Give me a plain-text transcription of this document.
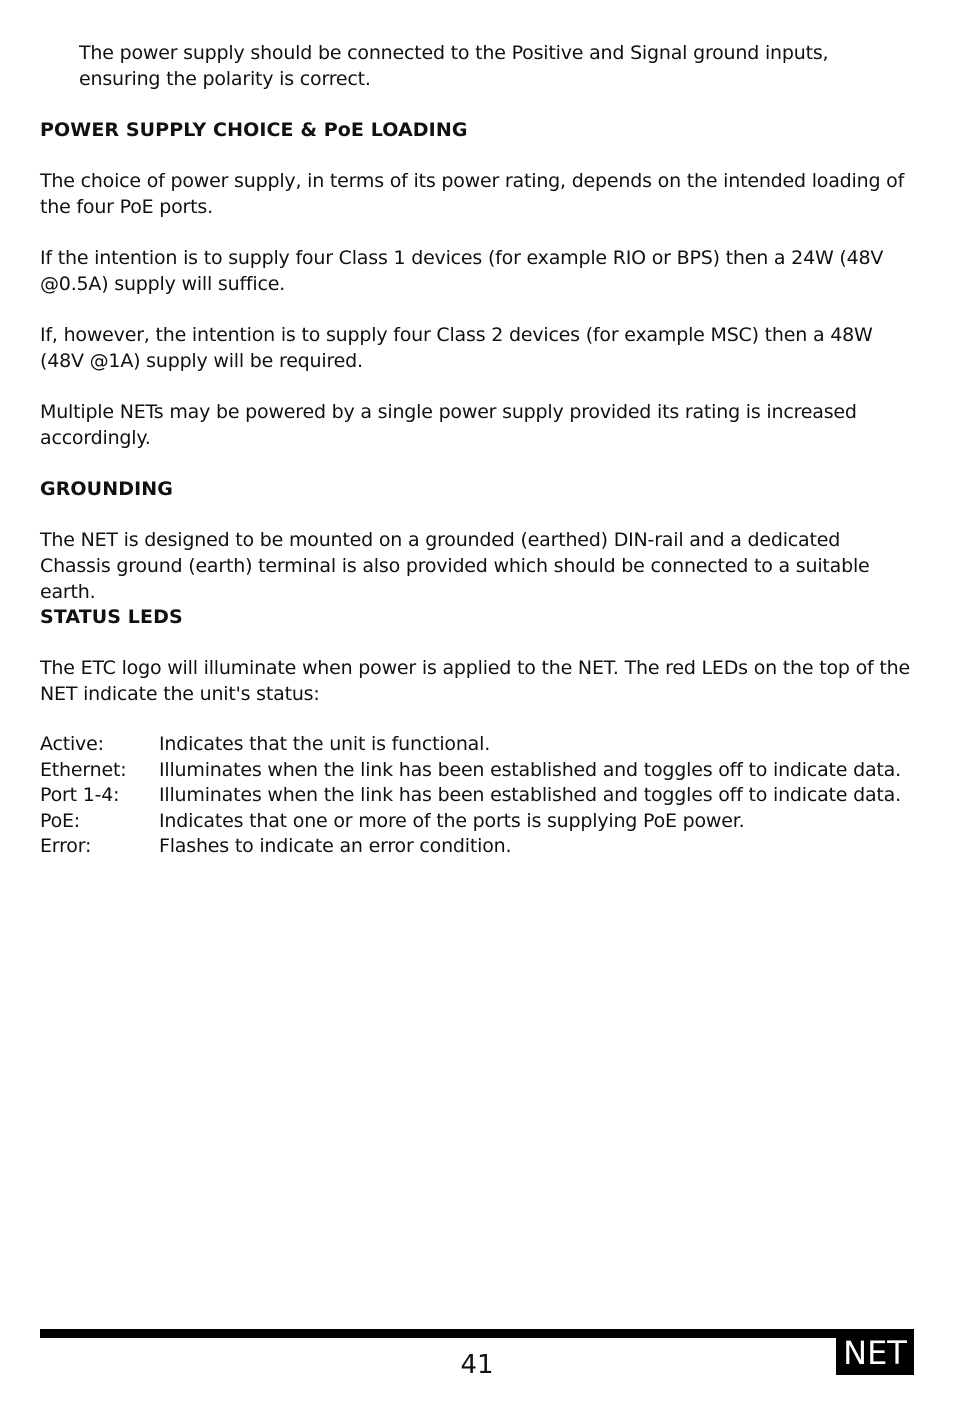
The power supply should be connected to the Positive and Signal ground inputs, ensuring the polarity is correct.

POWER SUPPLY CHOICE & PoE LOADING

The choice of power supply, in terms of its power rating, depends on the intended loading of the four PoE ports.

If the intention is to supply four Class 1 devices (for example RIO or BPS) then a 24W (48V @0.5A) supply will suffice.

If, however, the intention is to supply four Class 2 devices (for example MSC) then a 48W (48V @1A) supply will be required.

Multiple NETs may be powered by a single power supply provided its rating is increased accordingly.

GROUNDING

The NET is designed to be mounted on a grounded (earthed) DIN-rail and a dedicated Chassis ground (earth) terminal is also provided which should be connected to a suitable earth.

STATUS LEDS

The ETC logo will illuminate when power is applied to the NET. The red LEDs on the top of the NET indicate the unit's status:

Active:	Indicates that the unit is functional.
Ethernet: Illuminates when the link has been established and toggles off to indicate data.
Port 1-4: Illuminates when the link has been established and toggles off to indicate data.
PoE:	Indicates that one or more of the ports is supplying PoE power.
Error:	Flashes to indicate an error condition.
41	NET
